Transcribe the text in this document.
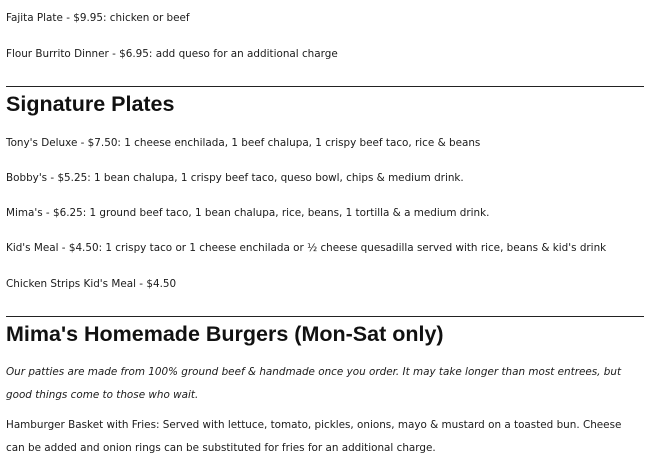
Fajita Plate - $9.95: chicken or beef

Flour Burrito Dinner - $6.95: add queso for an additional charge

Signature Plates

Tony's Deluxe - $7.50: 1 cheese enchilada, 1 beef chalupa, 1 crispy beef taco, rice & beans

Bobby's - $5.25: 1 bean chalupa, 1 crispy beef taco, queso bowl, chips & medium drink.

Mima's - $6.25: 1 ground beef taco, 1 bean chalupa, rice, beans, 1 tortilla & a medium drink.

Kid's Meal - $4.50: 1 crispy taco or 1 cheese enchilada or ½ cheese quesadilla served with rice, beans & kid's drink

Chicken Strips Kid's Meal - $4.50

Mima's Homemade Burgers (Mon-Sat only)

Our patties are made from 100% ground beef & handmade once you order. It may take longer than most entrees, but good things come to those who wait.

Hamburger Basket with Fries: Served with lettuce, tomato, pickles, onions, mayo & mustard on a toasted bun. Cheese can be added and onion rings can be substituted for fries for an additional charge.
